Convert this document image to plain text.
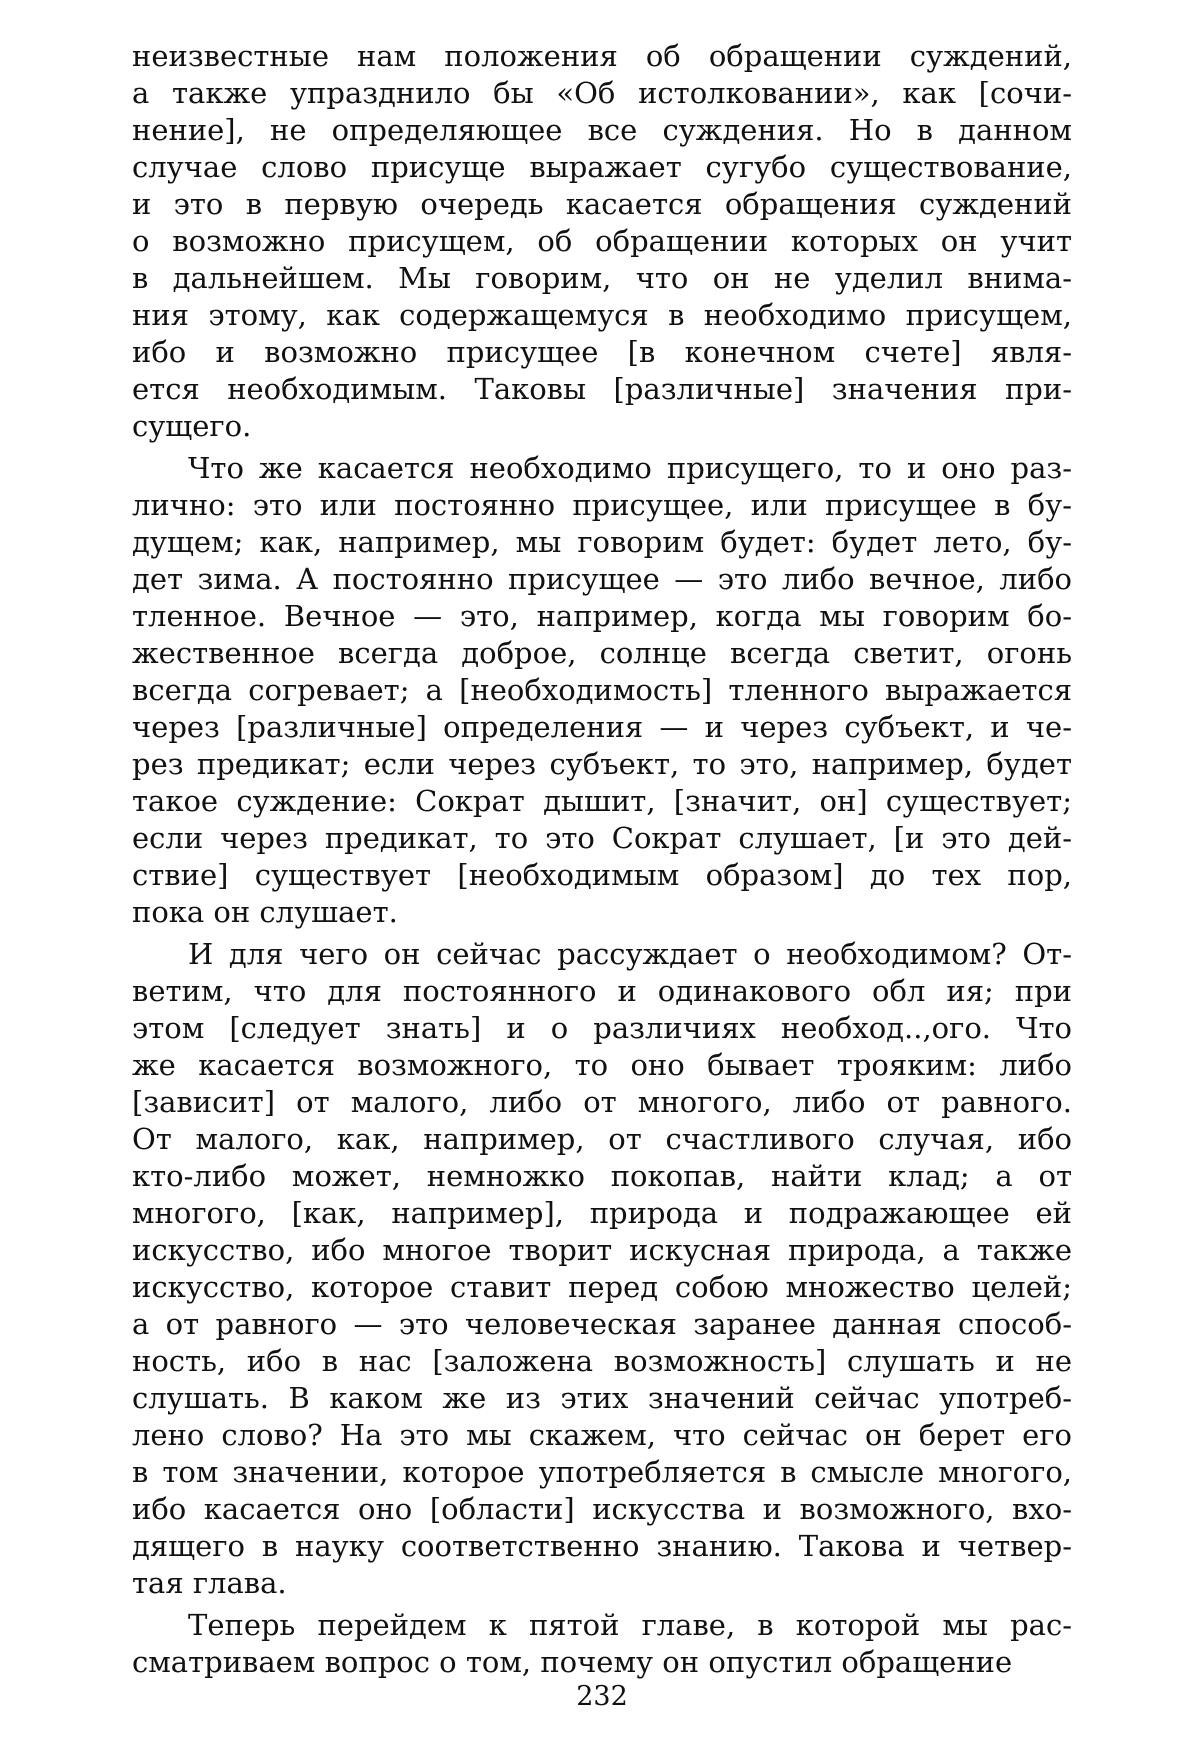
неизвестные нам положения об обращении суждений,
а также упразднило бы «Об истолковании», как [сочи-
нение], не определяющее все суждения. Но в данном
случае слово присуще выражает сугубо существование,
и это в первую очередь касается обращения суждений
о возможно присущем, об обращении которых он учит
в дальнейшем. Мы говорим, что он не уделил внима-
ния этому, как содержащемуся в необходимо присущем,
ибо и возможно присущее [в конечном счете] явля-
ется необходимым. Таковы [различные] значения при-
сущего.
Что же касается необходимо присущего, то и оно раз-
лично: это или постоянно присущее, или присущее в бу-
дущем; как, например, мы говорим будет: будет лето, бу-
дет зима. А постоянно присущее — это либо вечное, либо
тленное. Вечное — это, например, когда мы говорим бо-
жественное всегда доброе, солнце всегда светит, огонь
всегда согревает; а [необходимость] тленного выражается
через [различные] определения — и через субъект, и че-
рез предикат; если через субъект, то это, например, будет
такое суждение: Сократ дышит, [значит, он] существует;
если через предикат, то это Сократ слушает, [и это дей-
ствие] существует [необходимым образом] до тех пор,
пока он слушает.
И для чего он сейчас рассуждает о необходимом? От-
ветим, что для постоянного и одинакового обл ия; при
этом [следует знать] и о различиях необход..,ого. Что
же касается возможного, то оно бывает трояким: либо
[зависит] от малого, либо от многого, либо от равного.
От малого, как, например, от счастливого случая, ибо
кто-либо может, немножко покопав, найти клад; а от
многого, [как, например], природа и подражающее ей
искусство, ибо многое творит искусная природа, а также
искусство, которое ставит перед собою множество целей;
а от равного — это человеческая заранее данная способ-
ность, ибо в нас [заложена возможность] слушать и не
слушать. В каком же из этих значений сейчас употреб-
лено слово? На это мы скажем, что сейчас он берет его
в том значении, которое употребляется в смысле многого,
ибо касается оно [области] искусства и возможного, вхо-
дящего в науку соответственно знанию. Такова и четвер-
тая глава.
Теперь перейдем к пятой главе, в которой мы рас-
сматриваем вопрос о том, почему он опустил обращение
232
